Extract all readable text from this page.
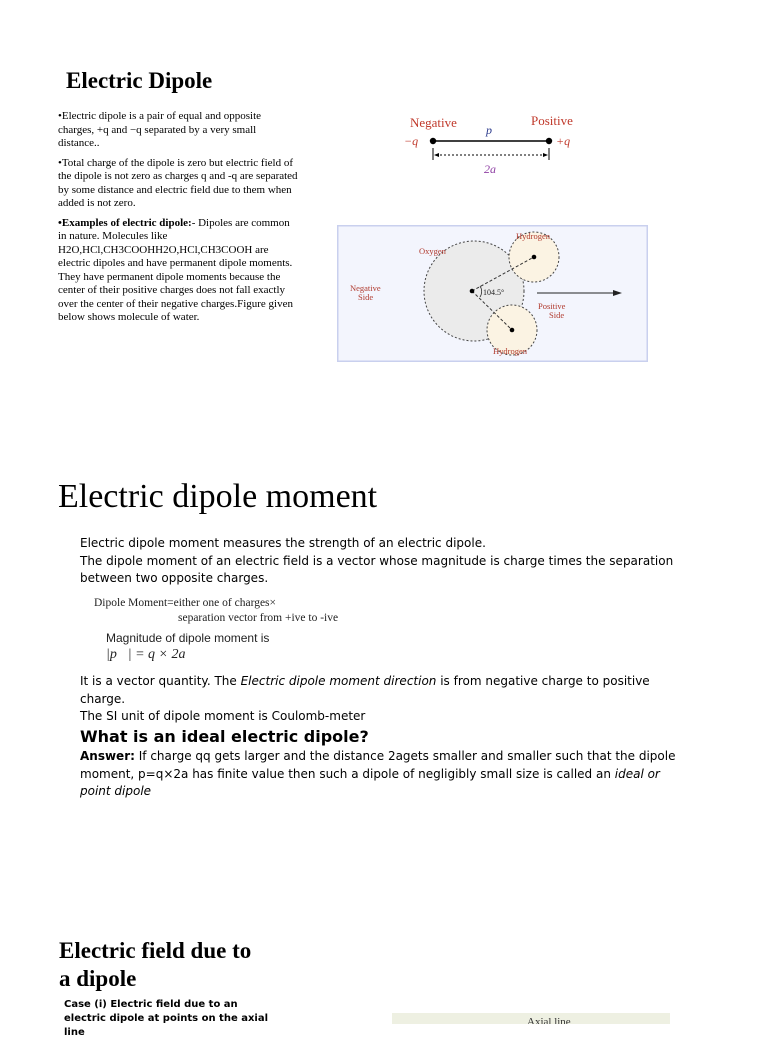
Electric Dipole

•Electric dipole is a pair of equal and opposite charges, +q and −q separated by a very small distance..

•Total charge of the dipole is zero but electric field of the dipole is not zero as charges q and -q are separated by some distance and electric field due to them when added is not zero.

•Examples of electric dipole:- Dipoles are common in nature. Molecules like H2O,HCl,CH3COOHH2O,HCl,CH3COOH are electric dipoles and have permanent dipole moments. They have permanent dipole moments because the center of their positive charges does not fall exactly over the center of their negative charges.Figure given below shows molecule of water.

Negative	Positive
−q	+q
p⃗
2a
104.5°
Hydrogen
Oxygen
Negative Side
Positive Side
Hydrogen
Electric dipole moment

Electric dipole moment measures the strength of an electric dipole.

The dipole moment of an electric field is a vector whose magnitude is charge times the separation between two opposite charges.

Dipole Moment=either one of charges×
separation vector from +ive to -ive
Magnitude of dipole moment is
|p⃗| = q × 2a

It is a vector quantity. The Electric dipole moment direction is from negative charge to positive charge.

The SI unit of dipole moment is Coulomb-meter

What is an ideal electric dipole?

Answer: If charge qq gets larger and the distance 2agets smaller and smaller such that the dipole moment, p=q×2a has finite value then such a dipole of negligibly small size is called an ideal or point dipole

Electric field due to
a dipole
Case (i) Electric field due to an electric dipole at points on the axial line
Axial line
